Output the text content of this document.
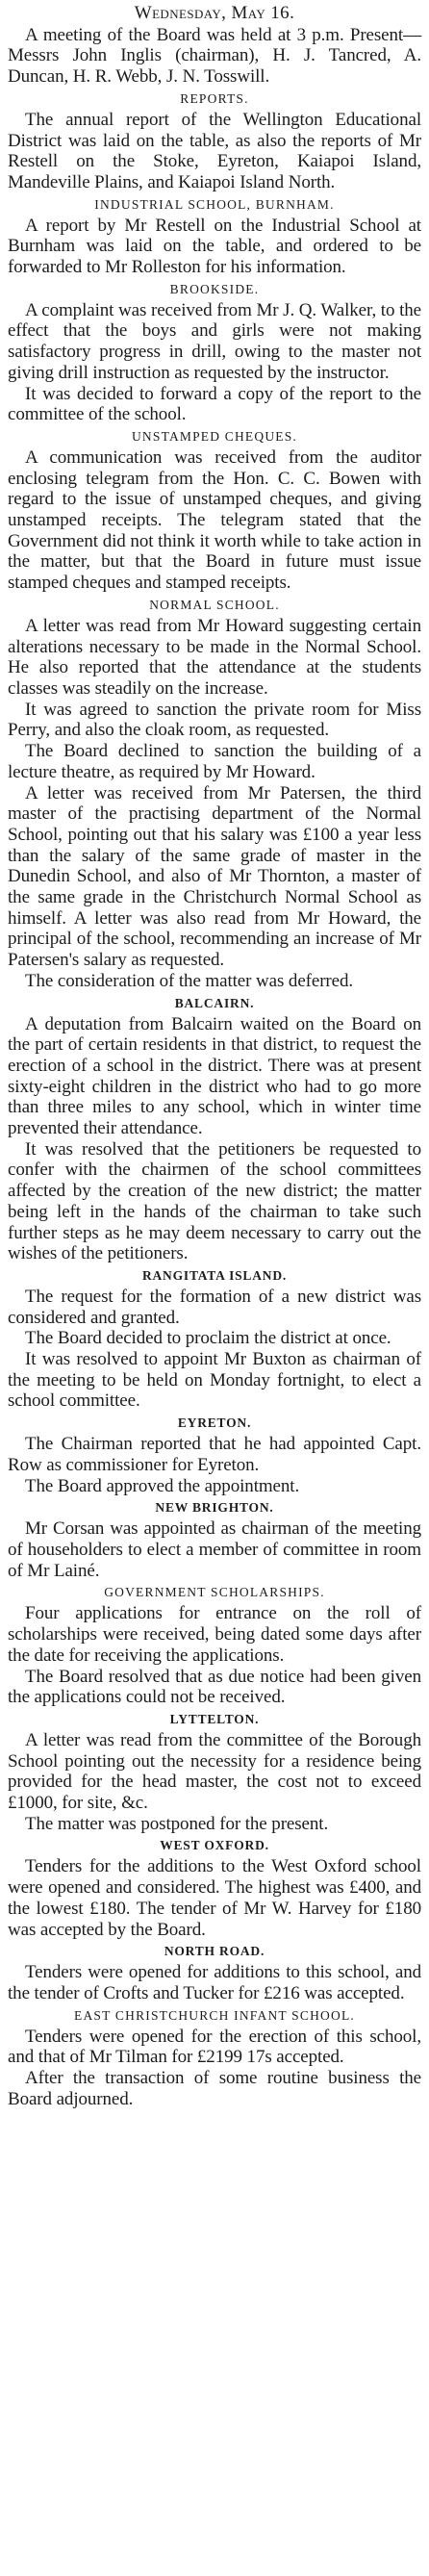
Wednesday, May 16.

A meeting of the Board was held at 3 p.m. Present—Messrs John Inglis (chairman), H. J. Tancred, A. Duncan, H. R. Webb, J. N. Tosswill.

REPORTS.

The annual report of the Wellington Educational District was laid on the table, as also the reports of Mr Restell on the Stoke, Eyreton, Kaiapoi Island, Mandeville Plains, and Kaiapoi Island North.

INDUSTRIAL SCHOOL, BURNHAM.

A report by Mr Restell on the Industrial School at Burnham was laid on the table, and ordered to be forwarded to Mr Rolleston for his information.

BROOKSIDE.

A complaint was received from Mr J. Q. Walker, to the effect that the boys and girls were not making satisfactory progress in drill, owing to the master not giving drill instruction as requested by the instructor.

It was decided to forward a copy of the report to the committee of the school.

UNSTAMPED CHEQUES.

A communication was received from the auditor enclosing telegram from the Hon. C. C. Bowen with regard to the issue of unstamped cheques, and giving unstamped receipts. The telegram stated that the Government did not think it worth while to take action in the matter, but that the Board in future must issue stamped cheques and stamped receipts.

NORMAL SCHOOL.

A letter was read from Mr Howard suggesting certain alterations necessary to be made in the Normal School. He also reported that the attendance at the students classes was steadily on the increase.

It was agreed to sanction the private room for Miss Perry, and also the cloak room, as requested.

The Board declined to sanction the building of a lecture theatre, as required by Mr Howard.

A letter was received from Mr Patersen, the third master of the practising department of the Normal School, pointing out that his salary was £100 a year less than the salary of the same grade of master in the Dunedin School, and also of Mr Thornton, a master of the same grade in the Christchurch Normal School as himself. A letter was also read from Mr Howard, the principal of the school, recommending an increase of Mr Patersen's salary as requested.

The consideration of the matter was deferred.

BALCAIRN.

A deputation from Balcairn waited on the Board on the part of certain residents in that district, to request the erection of a school in the district. There was at present sixty-eight children in the district who had to go more than three miles to any school, which in winter time prevented their attendance.

It was resolved that the petitioners be requested to confer with the chairmen of the school committees affected by the creation of the new district; the matter being left in the hands of the chairman to take such further steps as he may deem necessary to carry out the wishes of the petitioners.

RANGITATA ISLAND.

The request for the formation of a new district was considered and granted.

The Board decided to proclaim the district at once.

It was resolved to appoint Mr Buxton as chairman of the meeting to be held on Monday fortnight, to elect a school committee.

EYRETON.

The Chairman reported that he had appointed Capt. Row as commissioner for Eyreton.

The Board approved the appointment.

NEW BRIGHTON.

Mr Corsan was appointed as chairman of the meeting of householders to elect a member of committee in room of Mr Lainé.

GOVERNMENT SCHOLARSHIPS.

Four applications for entrance on the roll of scholarships were received, being dated some days after the date for receiving the applications.

The Board resolved that as due notice had been given the applications could not be received.

LYTTELTON.

A letter was read from the committee of the Borough School pointing out the necessity for a residence being provided for the head master, the cost not to exceed £1000, for site, &c.

The matter was postponed for the present.

WEST OXFORD.

Tenders for the additions to the West Oxford school were opened and considered. The highest was £400, and the lowest £180. The tender of Mr W. Harvey for £180 was accepted by the Board.

NORTH ROAD.

Tenders were opened for additions to this school, and the tender of Crofts and Tucker for £216 was accepted.

EAST CHRISTCHURCH INFANT SCHOOL.

Tenders were opened for the erection of this school, and that of Mr Tilman for £2199 17s accepted.

After the transaction of some routine business the Board adjourned.
